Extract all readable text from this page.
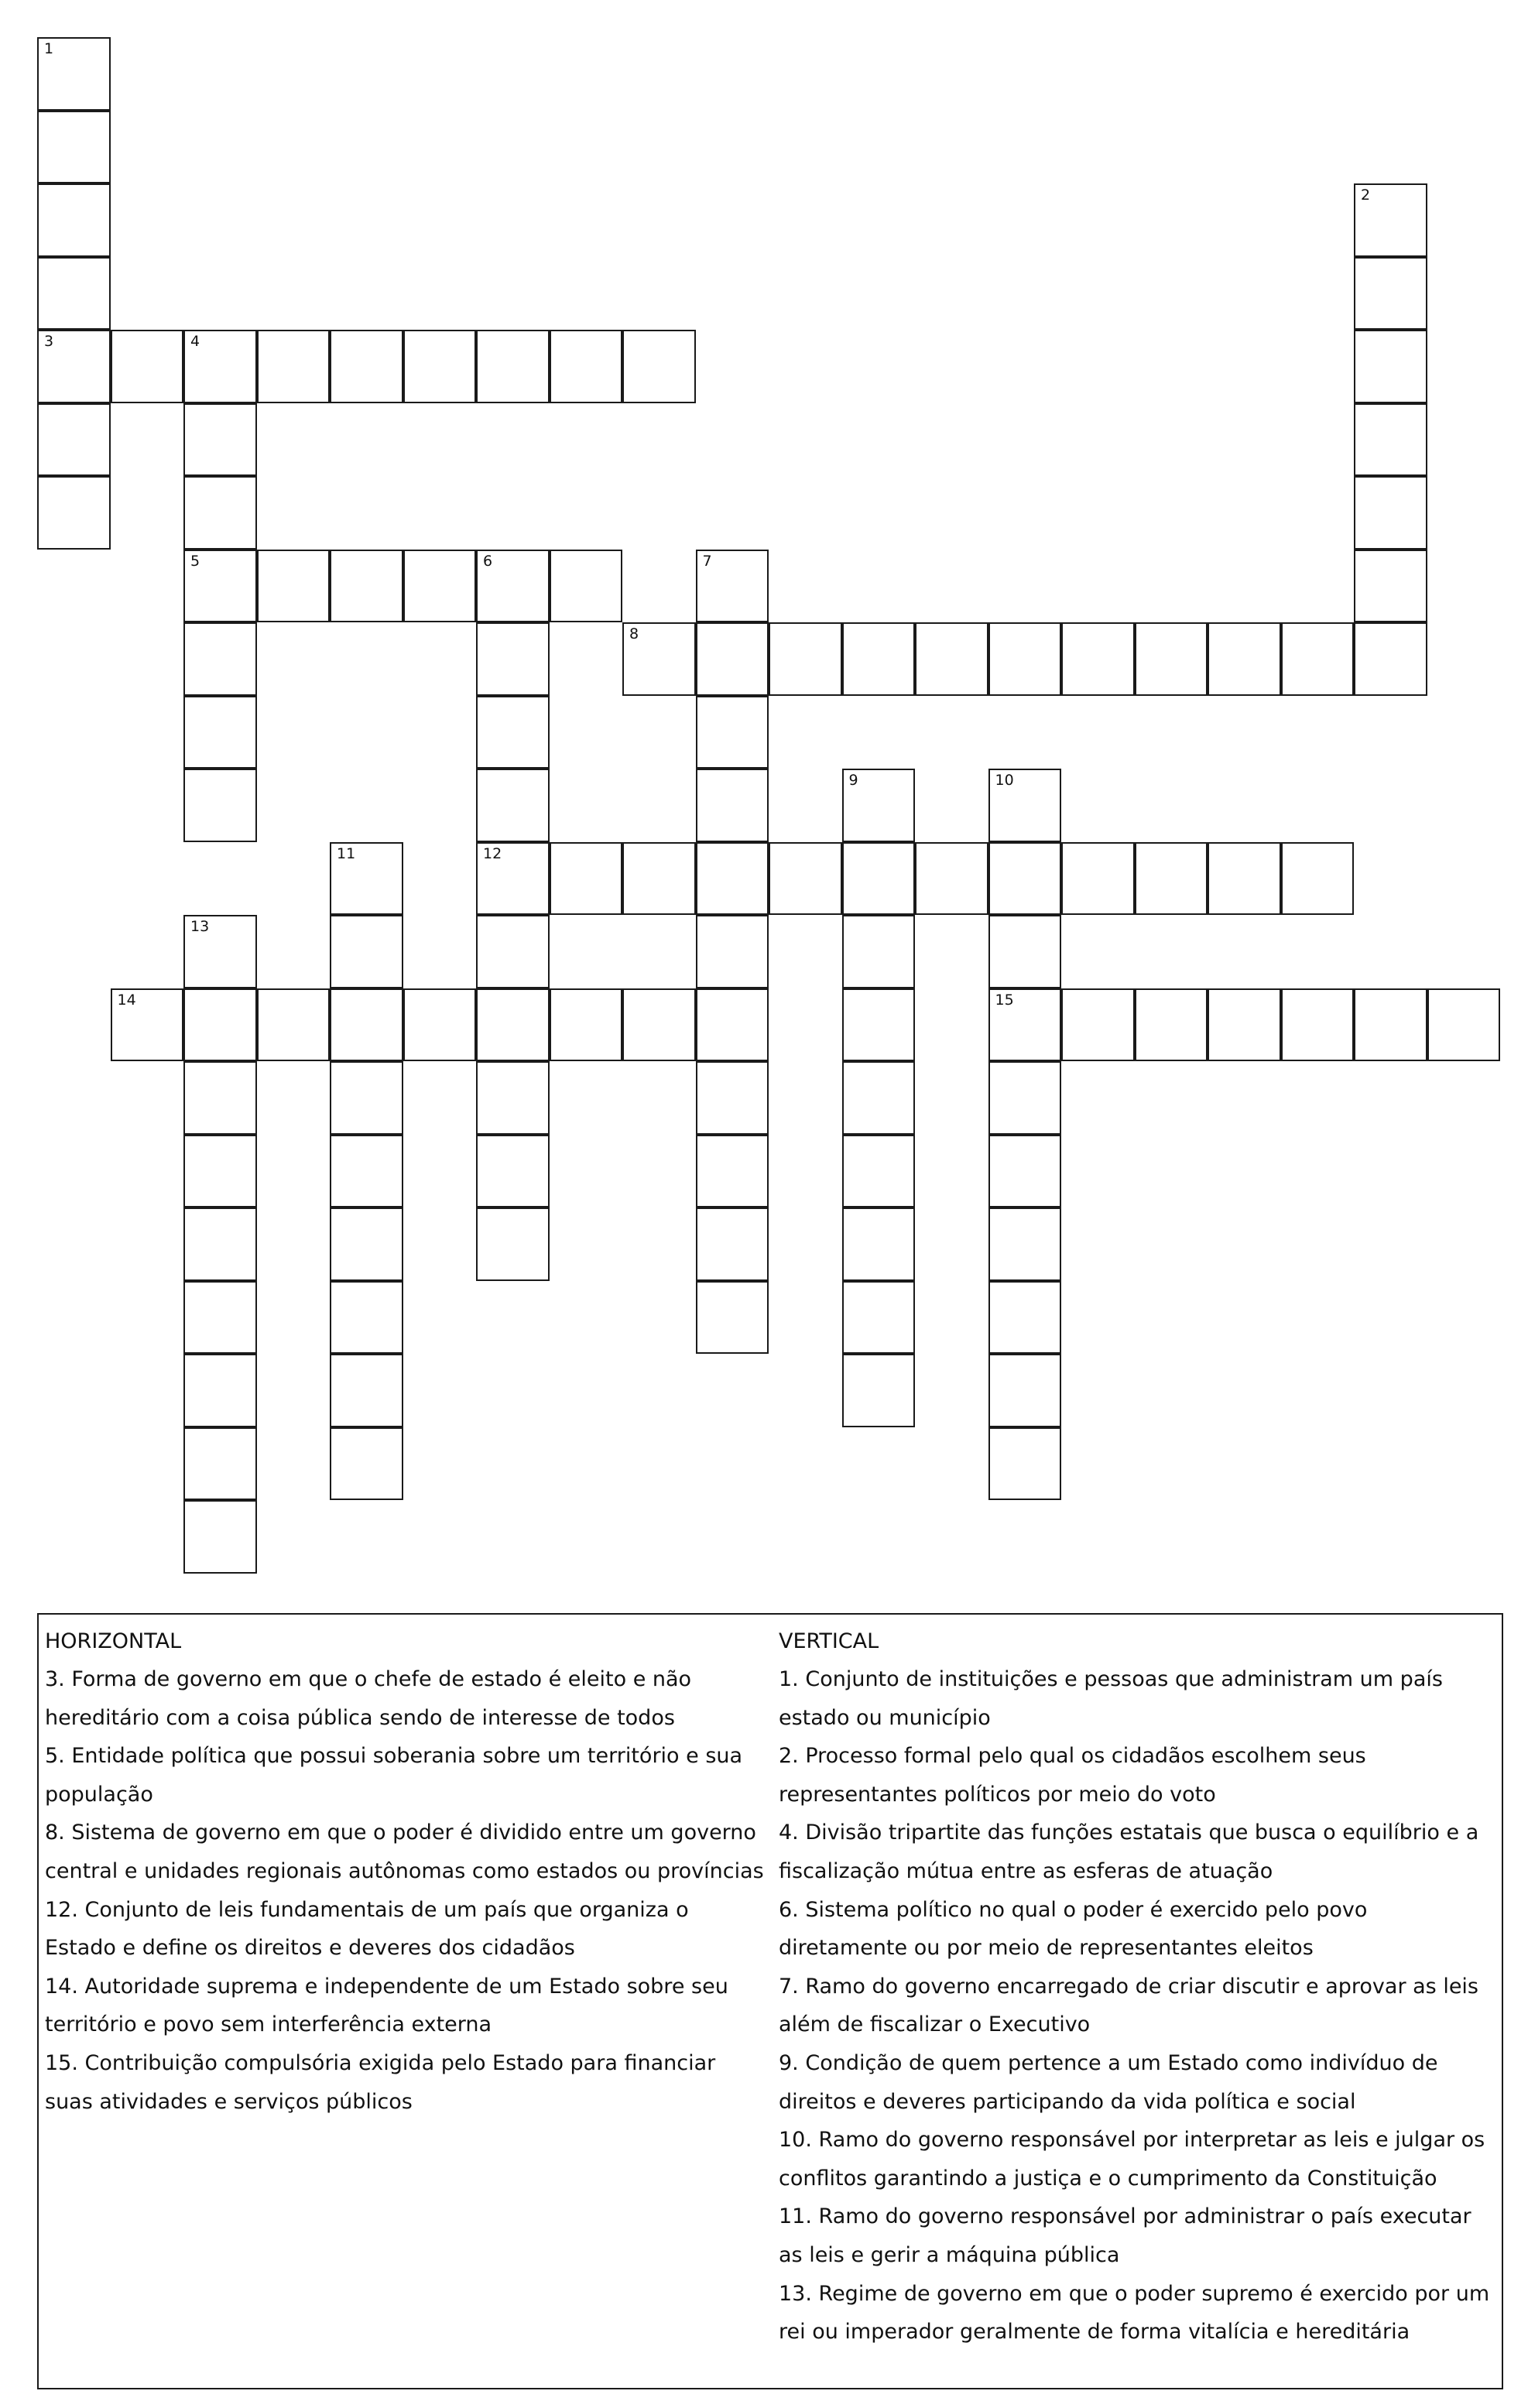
1
3
2
4
5	6
12
7
8
9	10
15
11
13
14
HORIZONTAL
3. Forma de governo em que o chefe de estado é eleito e não hereditário com a coisa pública sendo de interesse de todos
5. Entidade política que possui soberania sobre um território e sua população
8. Sistema de governo em que o poder é dividido entre um governo central e unidades regionais autônomas como estados ou províncias
12. Conjunto de leis fundamentais de um país que organiza o Estado e define os direitos e deveres dos cidadãos
14. Autoridade suprema e independente de um Estado sobre seu território e povo sem interferência externa
15. Contribuição compulsória exigida pelo Estado para financiar suas atividades e serviços públicos
VERTICAL
1. Conjunto de instituições e pessoas que administram um país estado ou município
2. Processo formal pelo qual os cidadãos escolhem seus representantes políticos por meio do voto
4. Divisão tripartite das funções estatais que busca o equilíbrio e a fiscalização mútua entre as esferas de atuação
6. Sistema político no qual o poder é exercido pelo povo diretamente ou por meio de representantes eleitos
7. Ramo do governo encarregado de criar discutir e aprovar as leis além de fiscalizar o Executivo
9. Condição de quem pertence a um Estado como indivíduo de direitos e deveres participando da vida política e social
10. Ramo do governo responsável por interpretar as leis e julgar os conflitos garantindo a justiça e o cumprimento da Constituição
11. Ramo do governo responsável por administrar o país executar as leis e gerir a máquina pública
13. Regime de governo em que o poder supremo é exercido por um rei ou imperador geralmente de forma vitalícia e hereditária
